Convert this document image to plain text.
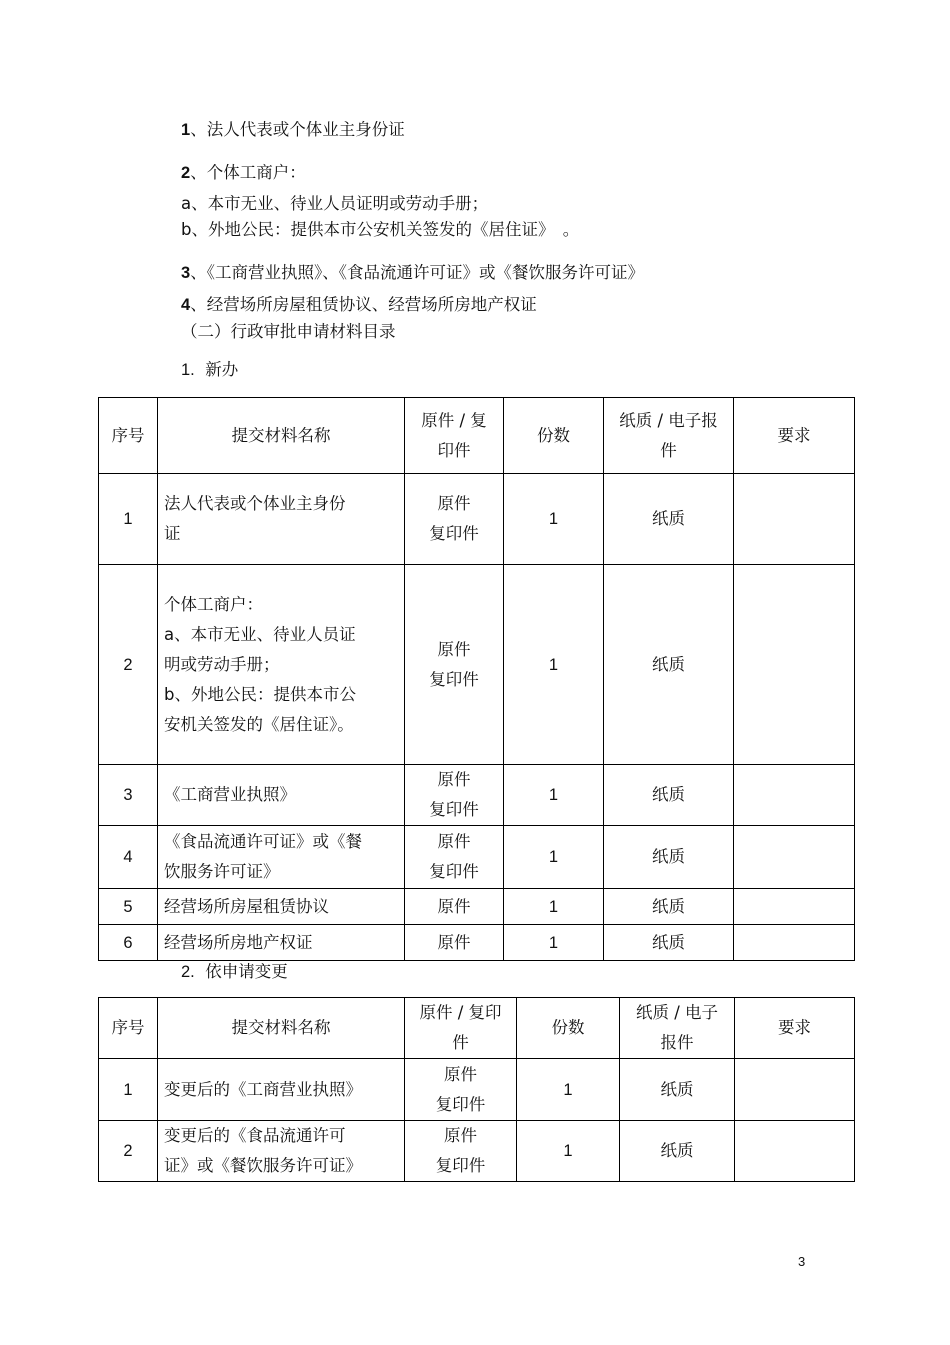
1、法人代表或个体业主身份证
2、个体工商户：
a、本市无业、待业人员证明或劳动手册；
b、外地公民：提供本市公安机关签发的《居住证》　。
3、《工商营业执照》、《食品流通许可证》或《餐饮服务许可证》
4、经营场所房屋租赁协议、经营场所房地产权证
（二）行政审批申请材料目录
1. 新办
序号	提交材料名称	原件 / 复
印件	份数	纸质 / 电子报
件	要求
1	法人代表或个体业主身份
证	原件
复印件	1	纸质	
2	个体工商户：
a、本市无业、待业人员证
明或劳动手册；
b、外地公民：提供本市公
安机关签发的《居住证》。	原件
复印件	1	纸质	
3	《工商营业执照》	原件
复印件	1	纸质	
4	《食品流通许可证》或《餐
饮服务许可证》	原件
复印件	1	纸质	
5	经营场所房屋租赁协议	原件	1	纸质	
6	经营场所房地产权证	原件	1	纸质	
2. 依申请变更
序号	提交材料名称	原件 / 复印
件	份数	纸质 / 电子
报件	要求
1	变更后的《工商营业执照》	原件
复印件	1	纸质	
2	变更后的《食品流通许可
证》或《餐饮服务许可证》	原件
复印件	1	纸质	
3
